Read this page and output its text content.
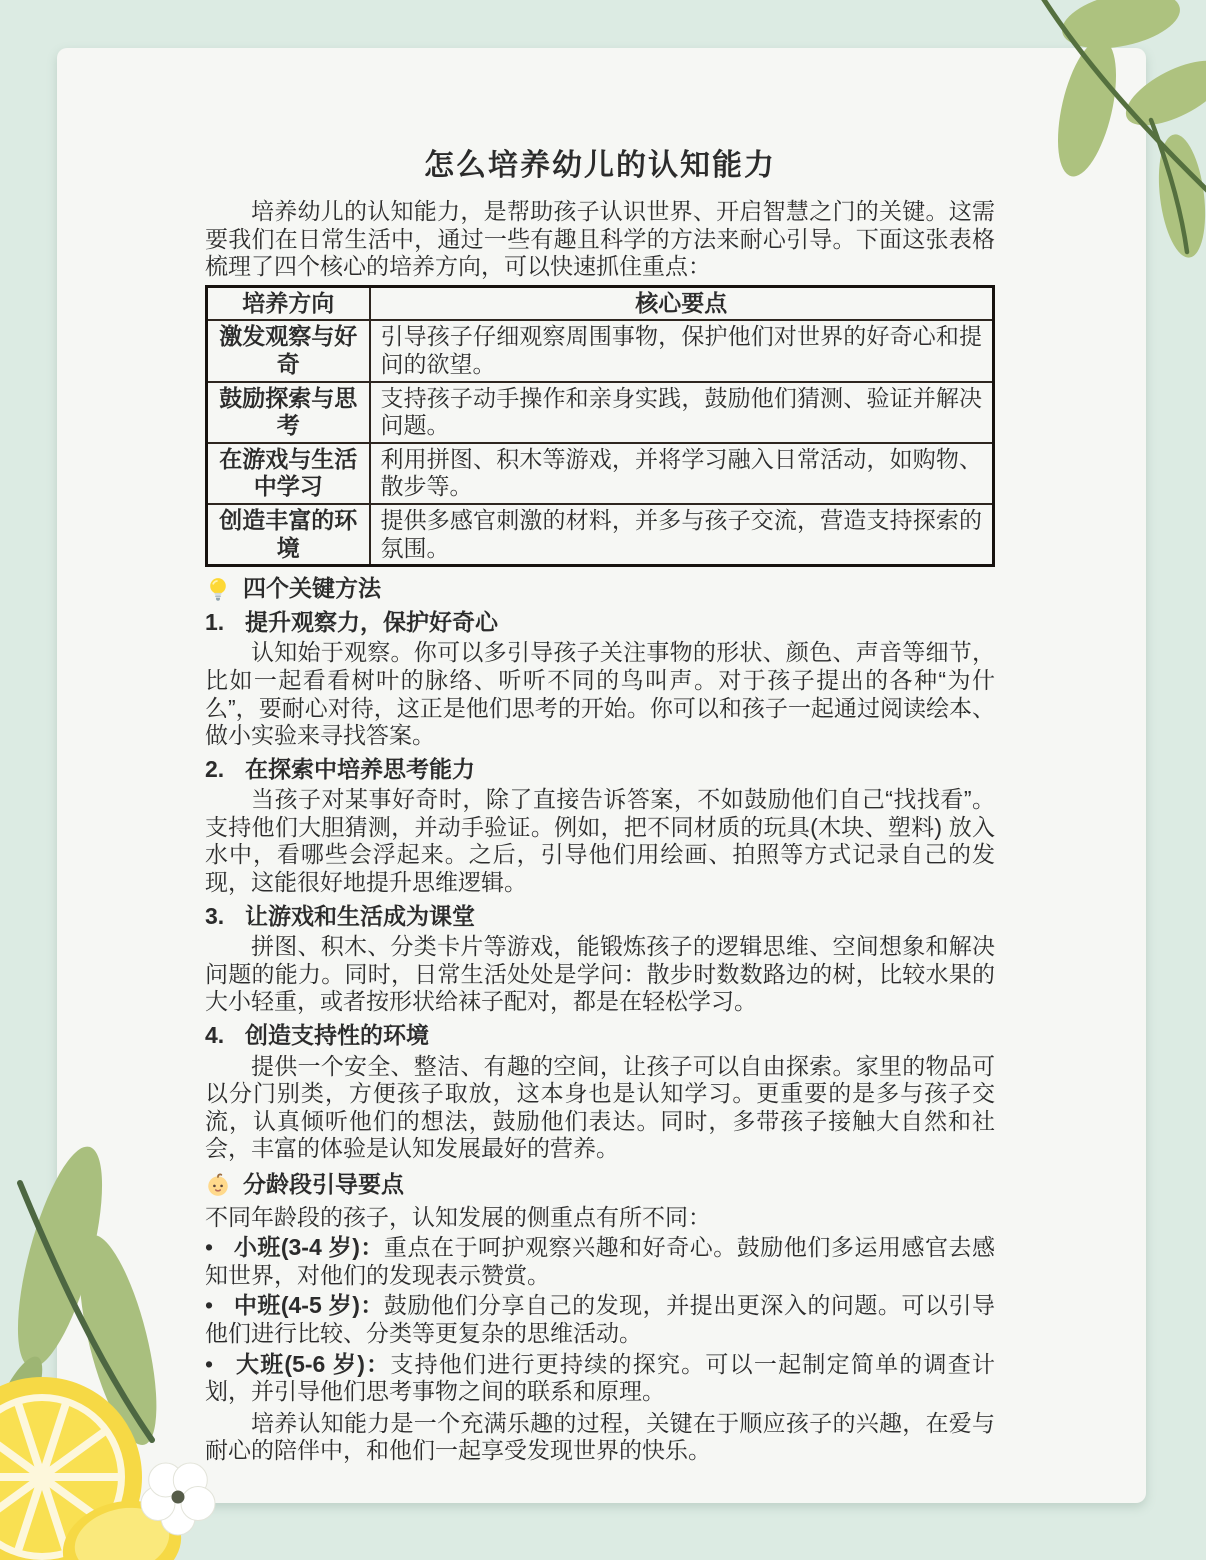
怎么培养幼儿的认知能力

培养幼儿的认知能力，是帮助孩子认识世界、开启智慧之门的关键。这需要我们在日常生活中，通过一些有趣且科学的方法来耐心引导。下面这张表格梳理了四个核心的培养方向，可以快速抓住重点：

培养方向	核心要点
激发观察与好奇	引导孩子仔细观察周围事物，保护他们对世界的好奇心和提问的欲望。
鼓励探索与思考	支持孩子动手操作和亲身实践，鼓励他们猜测、验证并解决问题。
在游戏与生活中学习	利用拼图、积木等游戏，并将学习融入日常活动，如购物、散步等。
创造丰富的环境	提供多感官刺激的材料，并多与孩子交流，营造支持探索的氛围。
四个关键方法
1. 提升观察力，保护好奇心

认知始于观察。你可以多引导孩子关注事物的形状、颜色、声音等细节，比如一起看看树叶的脉络、听听不同的鸟叫声。对于孩子提出的各种“为什么”，要耐心对待，这正是他们思考的开始。你可以和孩子一起通过阅读绘本、做小实验来寻找答案。

2. 在探索中培养思考能力

当孩子对某事好奇时，除了直接告诉答案，不如鼓励他们自己“找找看”。支持他们大胆猜测，并动手验证。例如，把不同材质的玩具(木块、塑料) 放入水中，看哪些会浮起来。之后，引导他们用绘画、拍照等方式记录自己的发现，这能很好地提升思维逻辑。

3. 让游戏和生活成为课堂

拼图、积木、分类卡片等游戏，能锻炼孩子的逻辑思维、空间想象和解决问题的能力。同时，日常生活处处是学问：散步时数数路边的树，比较水果的大小轻重，或者按形状给袜子配对，都是在轻松学习。

4. 创造支持性的环境

提供一个安全、整洁、有趣的空间，让孩子可以自由探索。家里的物品可以分门别类，方便孩子取放，这本身也是认知学习。更重要的是多与孩子交流，认真倾听他们的想法，鼓励他们表达。同时，多带孩子接触大自然和社会，丰富的体验是认知发展最好的营养。

分龄段引导要点

不同年龄段的孩子，认知发展的侧重点有所不同：

•  小班(3-4 岁)：重点在于呵护观察兴趣和好奇心。鼓励他们多运用感官去感知世界，对他们的发现表示赞赏。

•  中班(4-5 岁)：鼓励他们分享自己的发现，并提出更深入的问题。可以引导他们进行比较、分类等更复杂的思维活动。

•  大班(5-6 岁)：支持他们进行更持续的探究。可以一起制定简单的调查计划，并引导他们思考事物之间的联系和原理。

培养认知能力是一个充满乐趣的过程，关键在于顺应孩子的兴趣，在爱与耐心的陪伴中，和他们一起享受发现世界的快乐。
